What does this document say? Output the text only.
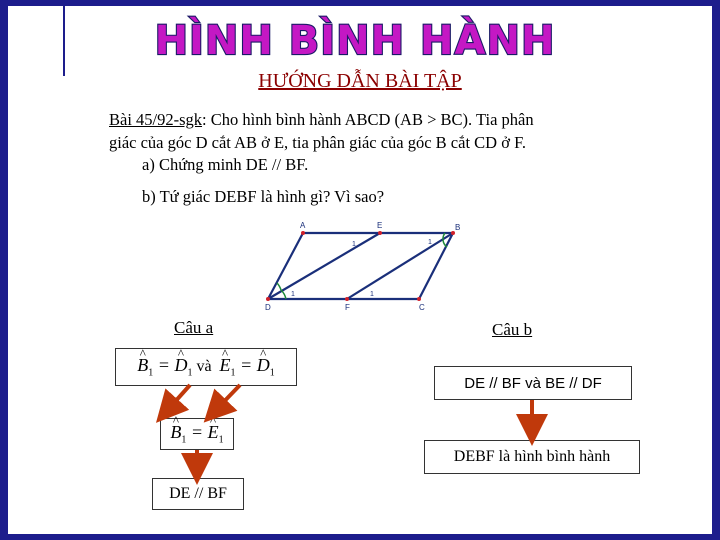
HÌNH BÌNH HÀNH
HƯỚNG DẪN BÀI TẬP
Bài 45/92-sgk: Cho hình bình hành ABCD (AB > BC). Tia phân
giác của góc D cắt AB ở E, tia phân giác của góc B cắt CD ở F.
a) Chứng minh DE // BF.
b) Tứ giác DEBF là hình gì? Vì sao?
A	E	B
D	F	C
1	1
1	1
Câu a	Câu b
^ $B_1$ = ^ $D_1$
và

^ $E_1$ = ^ $D_1$
^ $B_1$ = ^ $E_1$
DE // BF
DE // BF và BE // DF
DEBF là hình bình hành
